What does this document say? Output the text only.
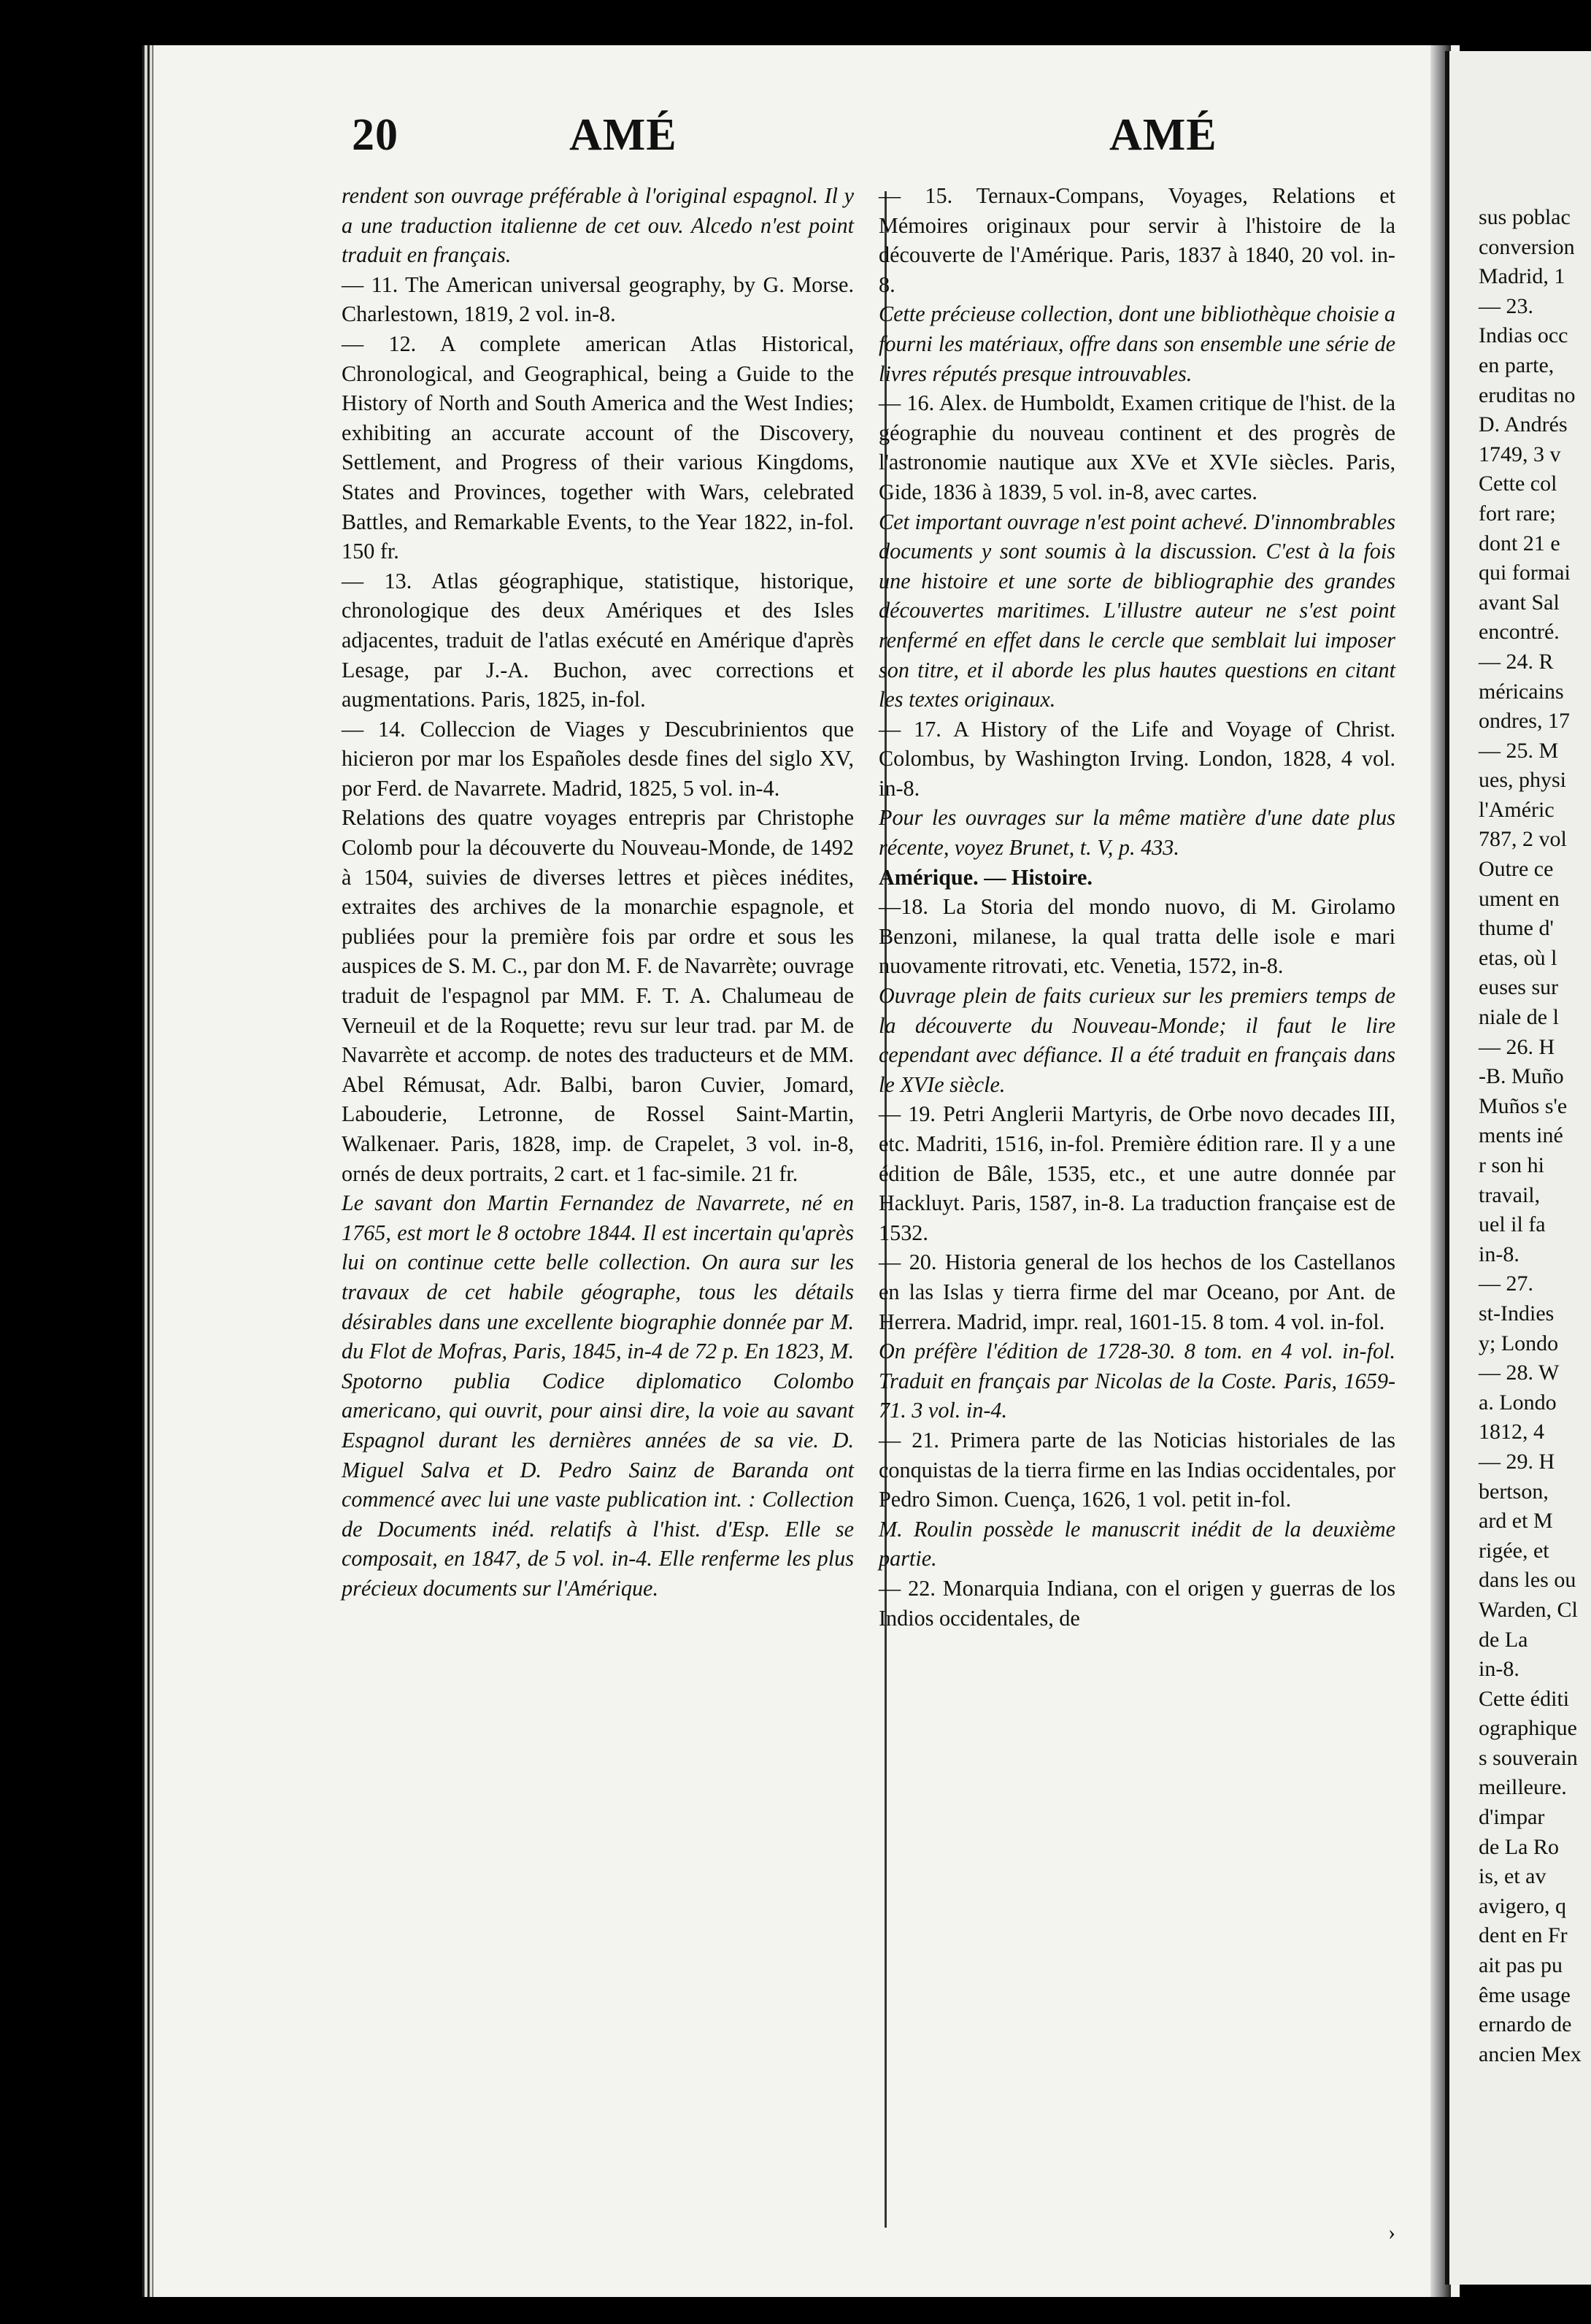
sus poblac
conversion
Madrid, 1
— 23.
Indias occ
en parte,
eruditas no
D. Andrés
1749, 3 v
Cette col
fort rare;
dont 21 e
qui formai
avant Sal
encontré.
— 24. R
méricains
ondres, 17
— 25. M
ues, physi
l'Améric
787, 2 vol
Outre ce
ument en
thume d'
etas, où l
euses sur
niale de l
— 26. H
-B. Muño
Muños s'e
ments iné
r son hi
travail,
uel il fa
in-8.
— 27.
st-Indies
y; Londo
— 28. W
a. Londo
1812, 4
— 29. H
bertson,
ard et M
rigée, et
dans les ou
Warden, Cl
de La
in-8.
Cette éditi
ographique
s souverain
meilleure.
d'impar
de La Ro
is, et av
avigero, q
dent en Fr
ait pas pu
ême usage
ernardo de
ancien Mex
20	AMÉ	AMÉ

rendent son ouvrage préférable à l'original espagnol. Il y a une traduction italienne de cet ouv. Alcedo n'est point traduit en français.

— 11. The American universal geography, by G. Morse. Charlestown, 1819, 2 vol. in-8.

— 12. A complete american Atlas Historical, Chronological, and Geographical, being a Guide to the History of North and South America and the West Indies; exhibiting an accurate account of the Discovery, Settlement, and Progress of their various Kingdoms, States and Provinces, together with Wars, celebrated Battles, and Remarkable Events, to the Year 1822, in-fol. 150 fr.

— 13. Atlas géographique, statistique, historique, chronologique des deux Amériques et des Isles adjacentes, traduit de l'atlas exécuté en Amérique d'après Lesage, par J.-A. Buchon, avec corrections et augmentations. Paris, 1825, in-fol.

— 14. Colleccion de Viages y Descubrinientos que hicieron por mar los Españoles desde fines del siglo XV, por Ferd. de Navarrete. Madrid, 1825, 5 vol. in-4.

Relations des quatre voyages entrepris par Christophe Colomb pour la découverte du Nouveau-Monde, de 1492 à 1504, suivies de diverses lettres et pièces inédites, extraites des archives de la monarchie espagnole, et publiées pour la première fois par ordre et sous les auspices de S. M. C., par don M. F. de Navarrète; ouvrage traduit de l'espagnol par MM. F. T. A. Chalumeau de Verneuil et de la Roquette; revu sur leur trad. par M. de Navarrète et accomp. de notes des traducteurs et de MM. Abel Rémusat, Adr. Balbi, baron Cuvier, Jomard, Labouderie, Letronne, de Rossel Saint-Martin, Walkenaer. Paris, 1828, imp. de Crapelet, 3 vol. in-8, ornés de deux portraits, 2 cart. et 1 fac-simile. 21 fr.

Le savant don Martin Fernandez de Navarrete, né en 1765, est mort le 8 octobre 1844. Il est incertain qu'après lui on continue cette belle collection. On aura sur les travaux de cet habile géographe, tous les détails désirables dans une excellente biographie donnée par M. du Flot de Mofras, Paris, 1845, in-4 de 72 p. En 1823, M. Spotorno publia Codice diplomatico Colombo americano, qui ouvrit, pour ainsi dire, la voie au savant Espagnol durant les dernières années de sa vie. D. Miguel Salva et D. Pedro Sainz de Baranda ont commencé avec lui une vaste publication int. : Collection de Documents inéd. relatifs à l'hist. d'Esp. Elle se composait, en 1847, de 5 vol. in-4. Elle renferme les plus précieux documents sur l'Amérique.

— 15. Ternaux-Compans, Voyages, Relations et Mémoires originaux pour servir à l'histoire de la découverte de l'Amérique. Paris, 1837 à 1840, 20 vol. in-8.

Cette précieuse collection, dont une bibliothèque choisie a fourni les matériaux, offre dans son ensemble une série de livres réputés presque introuvables.

— 16. Alex. de Humboldt, Examen critique de l'hist. de la géographie du nouveau continent et des progrès de l'astronomie nautique aux XVe et XVIe siècles. Paris, Gide, 1836 à 1839, 5 vol. in-8, avec cartes.

Cet important ouvrage n'est point achevé. D'innombrables documents y sont soumis à la discussion. C'est à la fois une histoire et une sorte de bibliographie des grandes découvertes maritimes. L'illustre auteur ne s'est point renfermé en effet dans le cercle que semblait lui imposer son titre, et il aborde les plus hautes questions en citant les textes originaux.

— 17. A History of the Life and Voyage of Christ. Colombus, by Washington Irving. London, 1828, 4 vol. in-8.

Pour les ouvrages sur la même matière d'une date plus récente, voyez Brunet, t. V, p. 433.

Amérique. — Histoire.

—18. La Storia del mondo nuovo, di M. Girolamo Benzoni, milanese, la qual tratta delle isole e mari nuovamente ritrovati, etc. Venetia, 1572, in-8.

Ouvrage plein de faits curieux sur les premiers temps de la découverte du Nouveau-Monde; il faut le lire cependant avec défiance. Il a été traduit en français dans le XVIe siècle.

— 19. Petri Anglerii Martyris, de Orbe novo decades III, etc. Madriti, 1516, in-fol. Première édition rare. Il y a une édition de Bâle, 1535, etc., et une autre donnée par Hackluyt. Paris, 1587, in-8. La traduction française est de 1532.

— 20. Historia general de los hechos de los Castellanos en las Islas y tierra firme del mar Oceano, por Ant. de Herrera. Madrid, impr. real, 1601-15. 8 tom. 4 vol. in-fol.

On préfère l'édition de 1728-30. 8 tom. en 4 vol. in-fol. Traduit en français par Nicolas de la Coste. Paris, 1659-71. 3 vol. in-4.

— 21. Primera parte de las Noticias historiales de las conquistas de la tierra firme en las Indias occidentales, por Pedro Simon. Cuença, 1626, 1 vol. petit in-fol.

M. Roulin possède le manuscrit inédit de la deuxième partie.

— 22. Monarquia Indiana, con el origen y guerras de los Indios occidentales, de

›
